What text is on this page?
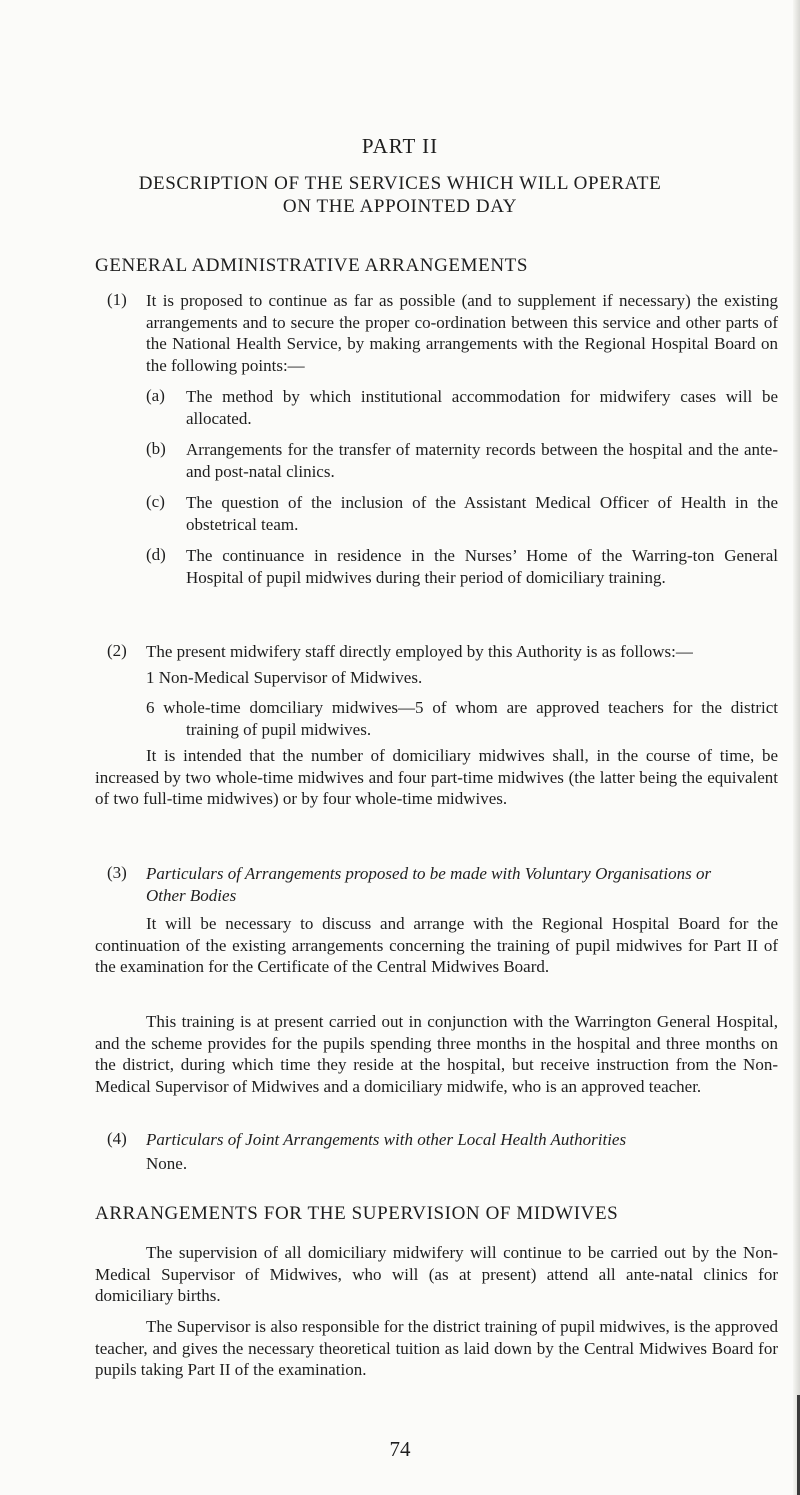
PART II
DESCRIPTION OF THE SERVICES WHICH WILL OPERATE
ON THE APPOINTED DAY
GENERAL ADMINISTRATIVE ARRANGEMENTS
(1) It is proposed to continue as far as possible (and to supplement if necessary) the existing arrangements and to secure the proper co-ordination between this service and other parts of the National Health Service, by making arrangements with the Regional Hospital Board on the following points:—

(a) The method by which institutional accommodation for midwifery cases will be allocated.

(b) Arrangements for the transfer of maternity records between the hospital and the ante- and post-natal clinics.

(c) The question of the inclusion of the Assistant Medical Officer of Health in the obstetrical team.

(d) The continuance in residence in the Nurses’ Home of the Warring-ton General Hospital of pupil midwives during their period of domiciliary training.

(2) The present midwifery staff directly employed by this Authority is as follows:—

1 Non-Medical Supervisor of Midwives.

6 whole-time domciliary midwives—5 of whom are approved teachers for the district training of pupil midwives.

It is intended that the number of domiciliary midwives shall, in the course of time, be increased by two whole-time midwives and four part-time midwives (the latter being the equivalent of two full-time midwives) or by four whole-time midwives.

(3) Particulars of Arrangements proposed to be made with Voluntary Organisations or Other Bodies

It will be necessary to discuss and arrange with the Regional Hospital Board for the continuation of the existing arrangements concerning the training of pupil midwives for Part II of the examination for the Certificate of the Central Midwives Board.

This training is at present carried out in conjunction with the Warrington General Hospital, and the scheme provides for the pupils spending three months in the hospital and three months on the district, during which time they reside at the hospital, but receive instruction from the Non-Medical Supervisor of Midwives and a domiciliary midwife, who is an approved teacher.

(4) Particulars of Joint Arrangements with other Local Health Authorities

None.

ARRANGEMENTS FOR THE SUPERVISION OF MIDWIVES

The supervision of all domiciliary midwifery will continue to be carried out by the Non-Medical Supervisor of Midwives, who will (as at present) attend all ante-natal clinics for domiciliary births.

The Supervisor is also responsible for the district training of pupil midwives, is the approved teacher, and gives the necessary theoretical tuition as laid down by the Central Midwives Board for pupils taking Part II of the examination.

74
